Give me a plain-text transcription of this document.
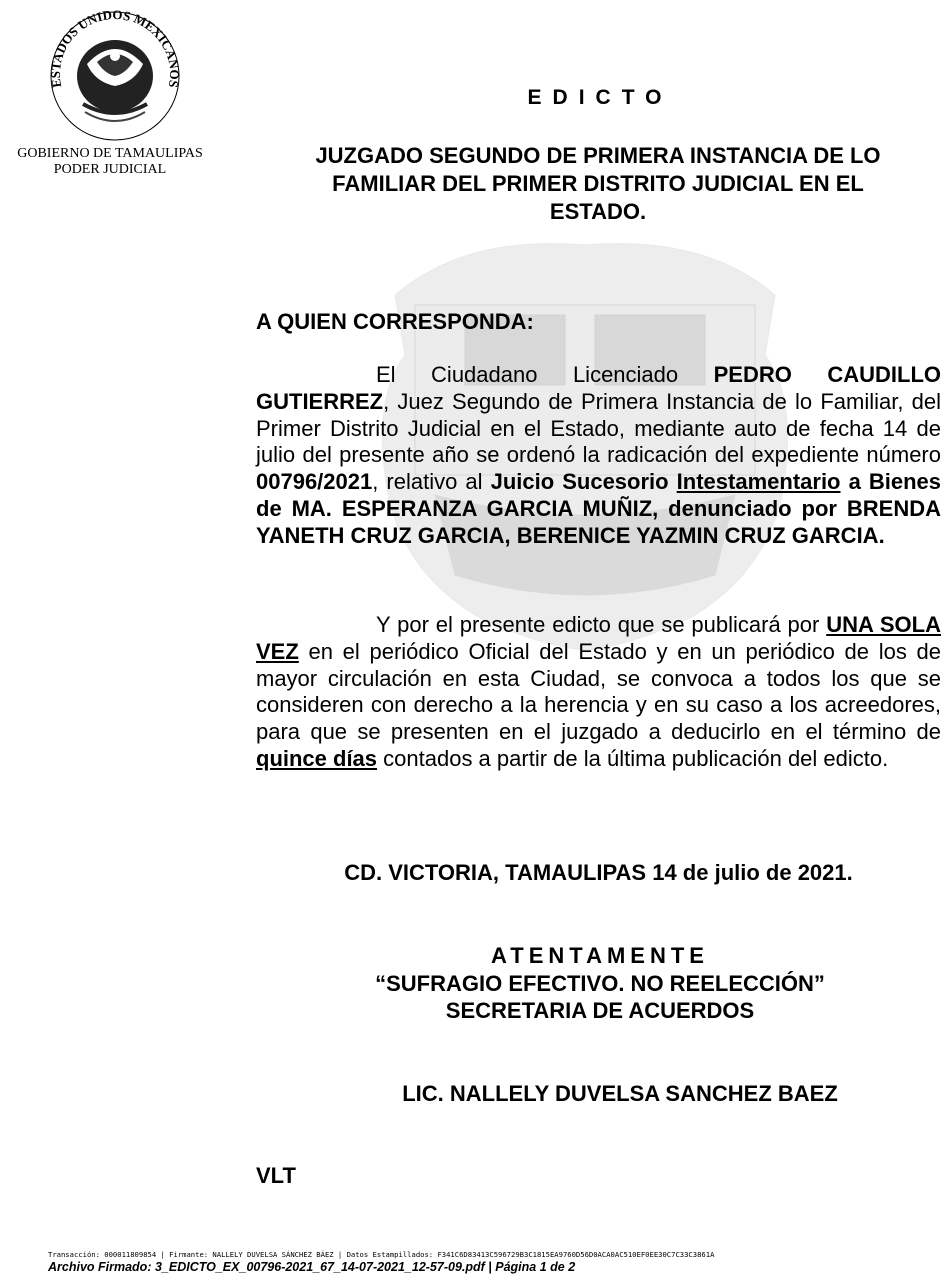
ESTADOS UNIDOS MEXICANOS
GOBIERNO DE TAMAULIPAS
PODER JUDICIAL
EDICTO
JUZGADO SEGUNDO DE PRIMERA INSTANCIA DE LO
FAMILIAR DEL PRIMER DISTRITO JUDICIAL EN EL
ESTADO.
A QUIEN CORRESPONDA:
El Ciudadano Licenciado PEDRO CAUDILLO GUTIERREZ, Juez Segundo de Primera Instancia de lo Familiar, del Primer Distrito Judicial en el Estado, mediante auto de fecha 14 de julio del presente año se ordenó la radicación del expediente número 00796/2021, relativo al Juicio Sucesorio Intestamentario a Bienes de MA. ESPERANZA GARCIA MUÑIZ, denunciado por BRENDA YANETH CRUZ GARCIA, BERENICE YAZMIN CRUZ GARCIA.
Y por el presente edicto que se publicará por UNA SOLA VEZ en el periódico Oficial del Estado y en un periódico de los de mayor circulación en esta Ciudad, se convoca a todos los que se consideren con derecho a la herencia y en su caso a los acreedores, para que se presenten en el juzgado a deducirlo en el término de quince días contados a partir de la última publicación del edicto.
CD. VICTORIA, TAMAULIPAS 14 de julio de 2021.
ATENTAMENTE
“SUFRAGIO EFECTIVO. NO REELECCIÓN”
SECRETARIA DE ACUERDOS
LIC. NALLELY DUVELSA SANCHEZ BAEZ
VLT
Transacción: 000011809854 | Firmante: NALLELY DUVELSA SÁNCHEZ BÁEZ | Datos Estampillados: F341C6D83413C596729B3C1815EA9760D56D0ACA0AC510EF0EE30C7C33C3861A
Archivo Firmado: 3_EDICTO_EX_00796-2021_67_14-07-2021_12-57-09.pdf | Página 1 de 2
